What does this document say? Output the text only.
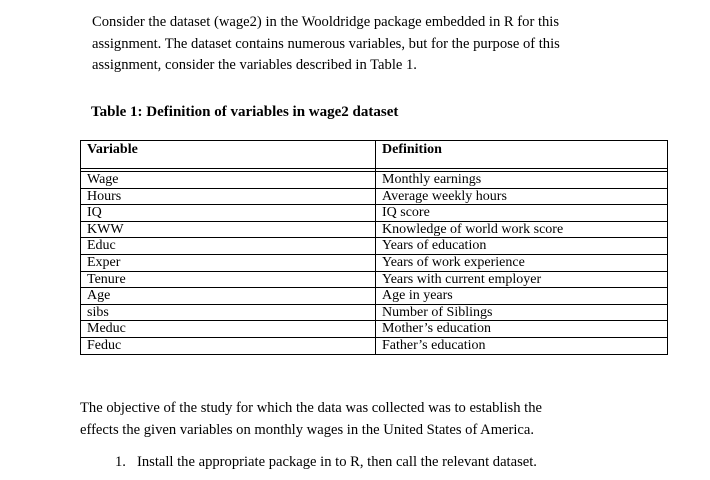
Consider the dataset (wage2) in the Wooldridge package embedded in R for this
assignment. The dataset contains numerous variables, but for the purpose of this
assignment, consider the variables described in Table 1.
Table 1: Definition of variables in wage2 dataset
Variable	Definition

Wage	Monthly earnings
Hours	Average weekly hours
IQ	IQ score
KWW	Knowledge of world work score
Educ	Years of education
Exper	Years of work experience
Tenure	Years with current employer
Age	Age in years
sibs	Number of Siblings
Meduc	Mother’s education
Feduc	Father’s education
The objective of the study for which the data was collected was to establish the
effects the given variables on monthly wages in the United States of America.
1. Install the appropriate package in to R, then call the relevant dataset.
